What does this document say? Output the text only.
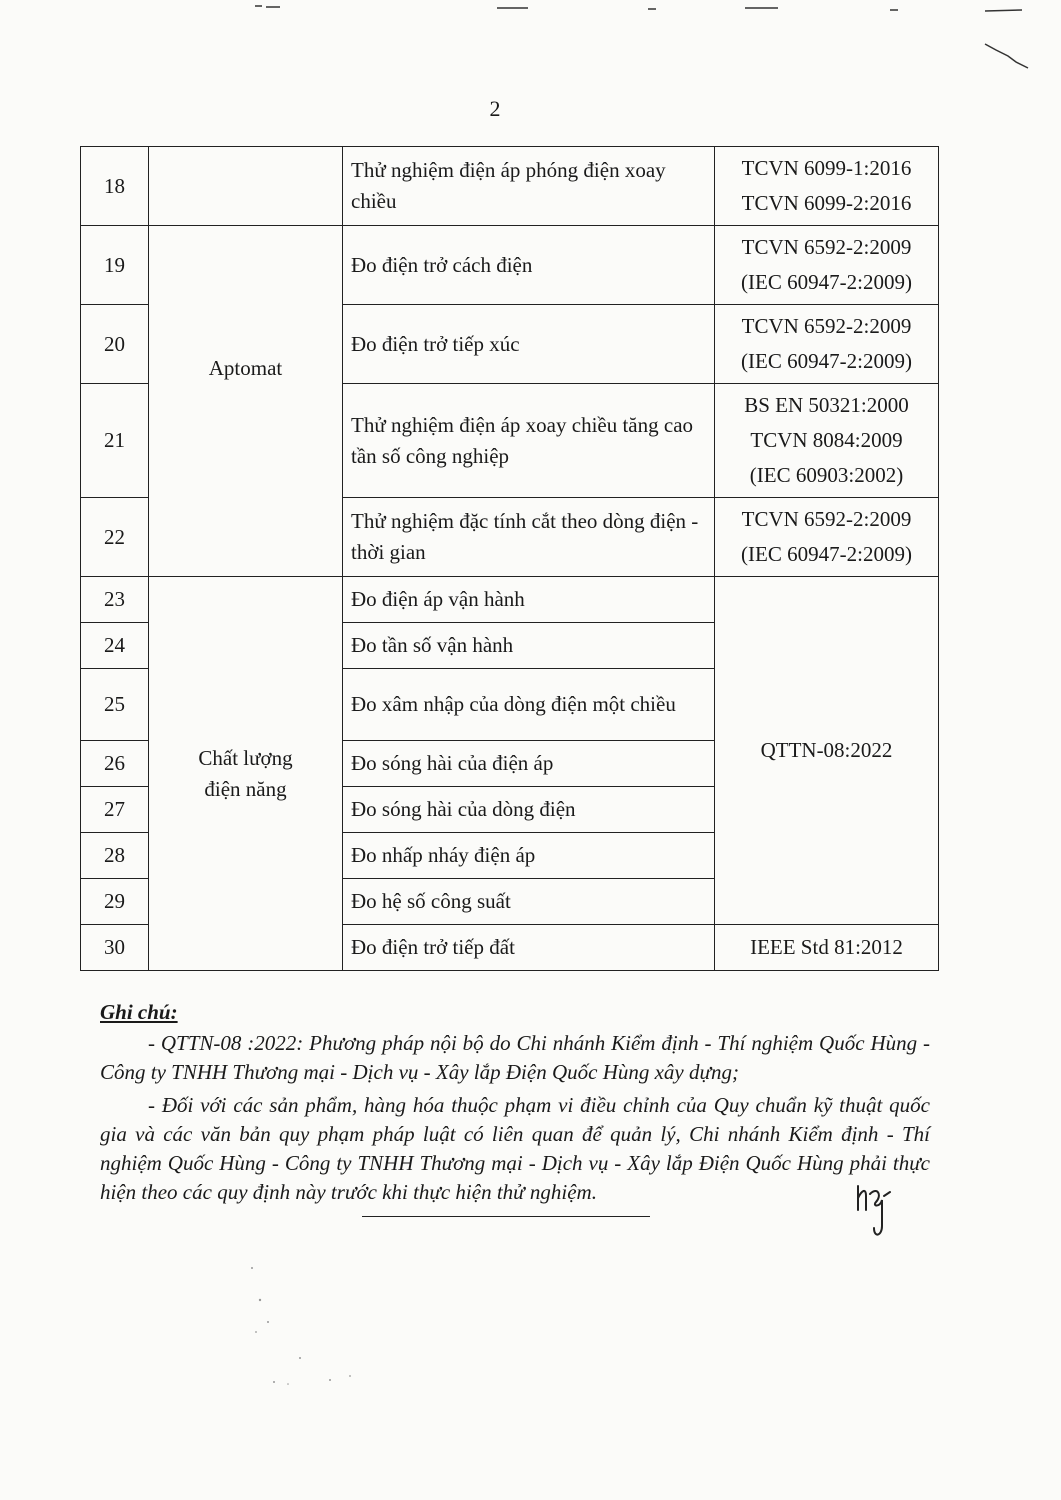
2
18		Thử nghiệm điện áp phóng điện xoay chiều	TCVN 6099-1:2016
TCVN 6099-2:2016

19	Aptomat	Đo điện trở cách điện	TCVN 6592-2:2009
(IEC 60947-2:2009)

20		Đo điện trở tiếp xúc	TCVN 6592-2:2009
(IEC 60947-2:2009)

21		Thử nghiệm điện áp xoay chiều tăng cao tần số công nghiệp	BS EN 50321:2000
TCVN 8084:2009
(IEC 60903:2002)

22		Thử nghiệm đặc tính cắt theo dòng điện - thời gian	TCVN 6592-2:2009
(IEC 60947-2:2009)

23	Chất lượng điện năng	Đo điện áp vận hành	QTTN-08:2022
24		Đo tần số vận hành	
25		Đo xâm nhập của dòng điện một chiều	
26		Đo sóng hài của điện áp	
27		Đo sóng hài của dòng điện	
28		Đo nhấp nháy điện áp	
29		Đo hệ số công suất	
30		Đo điện trở tiếp đất	IEEE Std 81:2012
Ghi chú:

- QTTN-08 :2022: Phương pháp nội bộ do Chi nhánh Kiểm định - Thí nghiệm Quốc Hùng - Công ty TNHH Thương mại - Dịch vụ - Xây lắp Điện Quốc Hùng xây dựng;

- Đối với các sản phẩm, hàng hóa thuộc phạm vi điều chỉnh của Quy chuẩn kỹ thuật quốc gia và các văn bản quy phạm pháp luật có liên quan để quản lý, Chi nhánh Kiểm định - Thí nghiệm Quốc Hùng - Công ty TNHH Thương mại - Dịch vụ - Xây lắp Điện Quốc Hùng phải thực hiện theo các quy định này trước khi thực hiện thử nghiệm.
